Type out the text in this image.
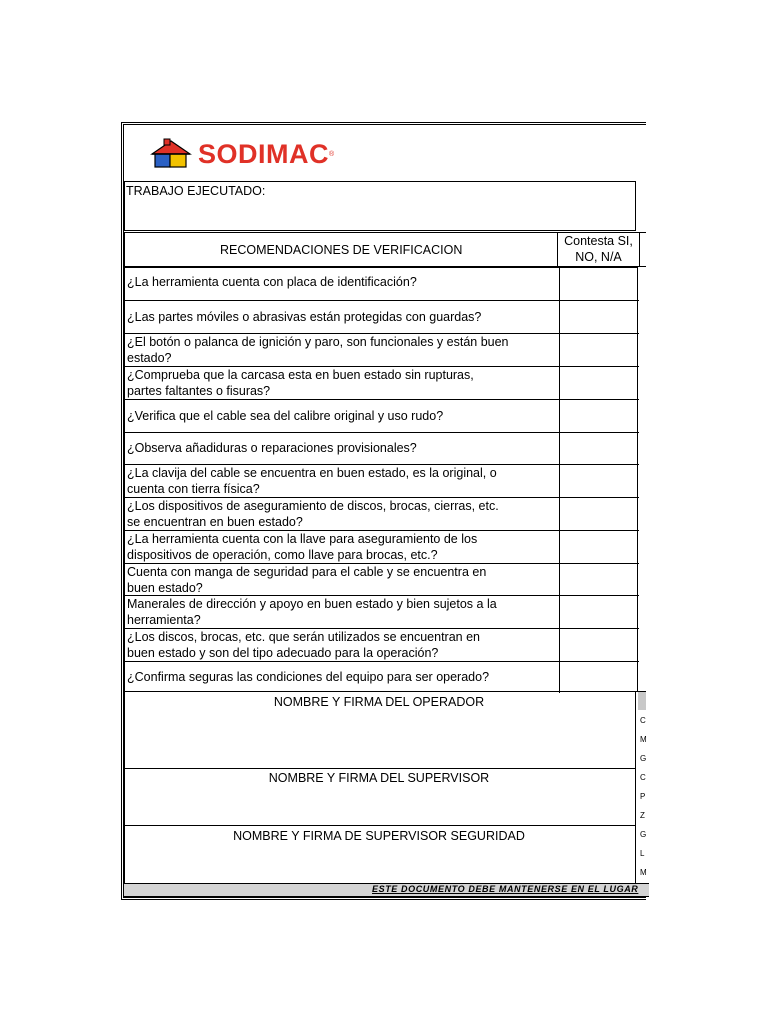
SODIMAC ®
TRABAJO EJECUTADO:
RECOMENDACIONES DE VERIFICACION
Contesta SI,
NO, N/A
¿La herramienta cuenta con placa de identificación?
¿Las partes móviles o abrasivas están protegidas con guardas?
¿El botón o palanca de ignición y paro, son funcionales y están buen
estado?
¿Comprueba que la carcasa esta en buen estado sin rupturas,
partes faltantes o fisuras?
¿Verifica que el cable sea del calibre original y uso rudo?
¿Observa añadiduras o reparaciones provisionales?
¿La clavija del cable se encuentra en buen estado, es la original, o
cuenta con tierra física?
¿Los dispositivos de aseguramiento de discos, brocas, cierras, etc.
se encuentran en buen estado?
¿La herramienta cuenta con la llave para aseguramiento de los
dispositivos de operación, como llave para brocas, etc.?
Cuenta con manga de seguridad para el cable y se encuentra en
buen estado?
Manerales de dirección y apoyo en buen estado y bien sujetos a la
herramienta?
¿Los discos, brocas, etc. que serán utilizados se encuentran en
buen estado y son del tipo adecuado para la operación?
¿Confirma seguras las condiciones del equipo para ser operado?
NOMBRE Y FIRMA DEL OPERADOR
NOMBRE Y FIRMA DEL SUPERVISOR
NOMBRE Y FIRMA DE SUPERVISOR SEGURIDAD
C
M
G
C
P
Z
G
L
M
ESTE DOCUMENTO DEBE MANTENERSE EN EL LUGAR
